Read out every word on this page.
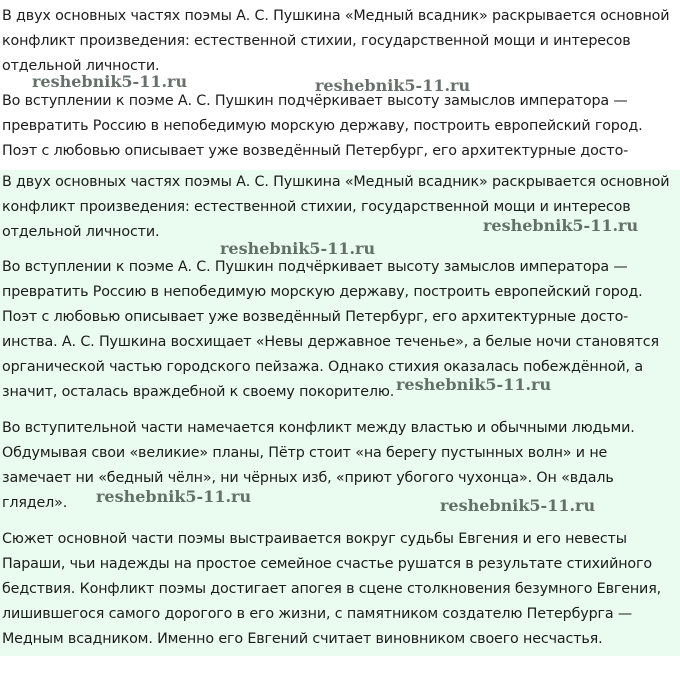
В двух основных частях поэмы А. С. Пушкина «Медный всадник» раскрывается основной
конфликт произведения: естественной стихии, государственной мощи и интересов
отдельной личности.
Во вступлении к поэме А. С. Пушкин подчёркивает высоту замыслов императора —
превратить Россию в непобедимую морскую державу, построить европейский город.
Поэт с любовью описывает уже возведённый Петербург, его архитектурные досто-
reshebnik5-11.ru	reshebnik5-11.ru
В двух основных частях поэмы А. С. Пушкина «Медный всадник» раскрывается основной
конфликт произведения: естественной стихии, государственной мощи и интересов
отдельной личности.
Во вступлении к поэме А. С. Пушкин подчёркивает высоту замыслов императора —
превратить Россию в непобедимую морскую державу, построить европейский город.
Поэт с любовью описывает уже возведённый Петербург, его архитектурные досто-
инства. А. С. Пушкина восхищает «Невы державное теченье», а белые ночи становятся
органической частью городского пейзажа. Однако стихия оказалась побеждённой, а
значит, осталась враждебной к своему покорителю.
Во вступительной части намечается конфликт между властью и обычными людьми.
Обдумывая свои «великие» планы, Пётр стоит «на берегу пустынных волн» и не
замечает ни «бедный чёлн», ни чёрных изб, «приют убогого чухонца». Он «вдаль
глядел».
Сюжет основной части поэмы выстраивается вокруг судьбы Евгения и его невесты
Параши, чьи надежды на простое семейное счастье рушатся в результате стихийного
бедствия. Конфликт поэмы достигает апогея в сцене столкновения безумного Евгения,
лишившегося самого дорогого в его жизни, с памятником создателю Петербурга —
Медным всадником. Именно его Евгений считает виновником своего несчастья.
reshebnik5-11.ru
reshebnik5-11.ru
reshebnik5-11.ru
reshebnik5-11.ru	reshebnik5-11.ru
